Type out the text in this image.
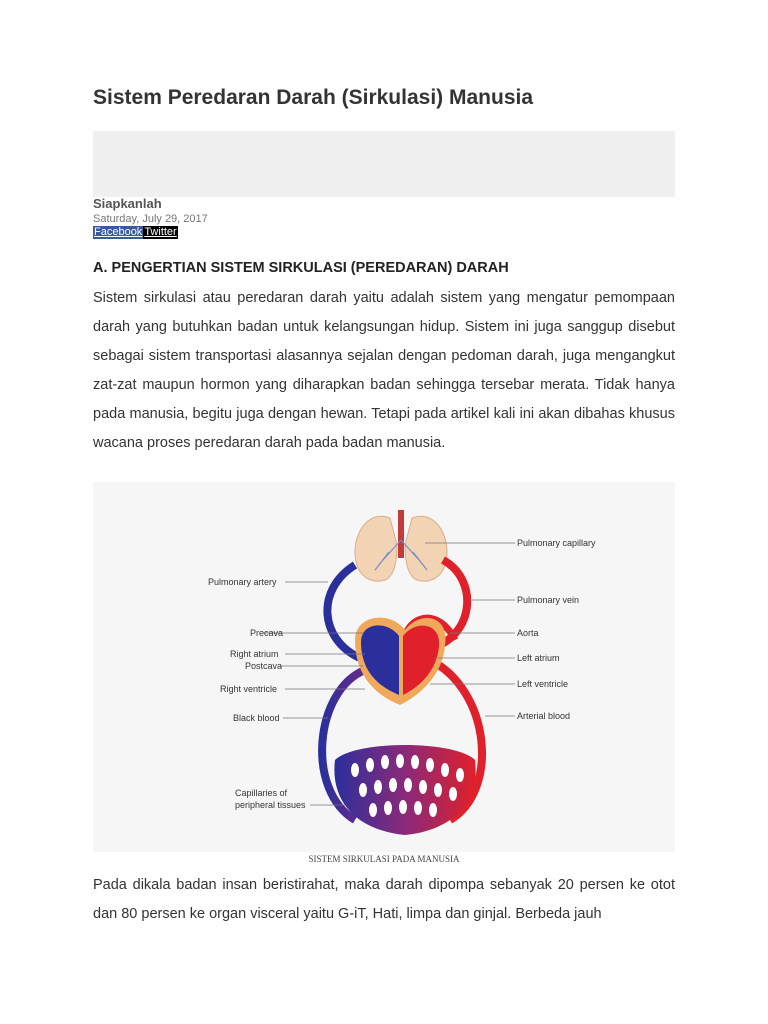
Sistem Peredaran Darah (Sirkulasi) Manusia
Siapkanlah
Saturday, July 29, 2017
Facebook Twitter
A. PENGERTIAN SISTEM SIRKULASI (PEREDARAN) DARAH

Sistem sirkulasi atau peredaran darah yaitu adalah sistem yang mengatur pemompaan darah yang butuhkan badan untuk kelangsungan hidup. Sistem ini juga sanggup disebut sebagai sistem transportasi alasannya sejalan dengan pedoman darah, juga mengangkut zat-zat maupun hormon yang diharapkan badan sehingga tersebar merata. Tidak hanya pada manusia, begitu juga dengan hewan. Tetapi pada artikel kali ini akan dibahas khusus wacana proses peredaran darah pada badan manusia.

Pulmonary artery
Precava
Right atrium
Postcava
Right ventricle
Black blood
Capillaries of
peripheral tissues
Pulmonary capillary
Pulmonary vein
Aorta
Left atrium
Left ventricle
Arterial blood
SISTEM SIRKULASI PADA MANUSIA

Pada dikala badan insan beristirahat, maka darah dipompa sebanyak 20 persen ke otot dan 80 persen ke organ visceral yaitu G-iT, Hati, limpa dan ginjal. Berbeda jauh
